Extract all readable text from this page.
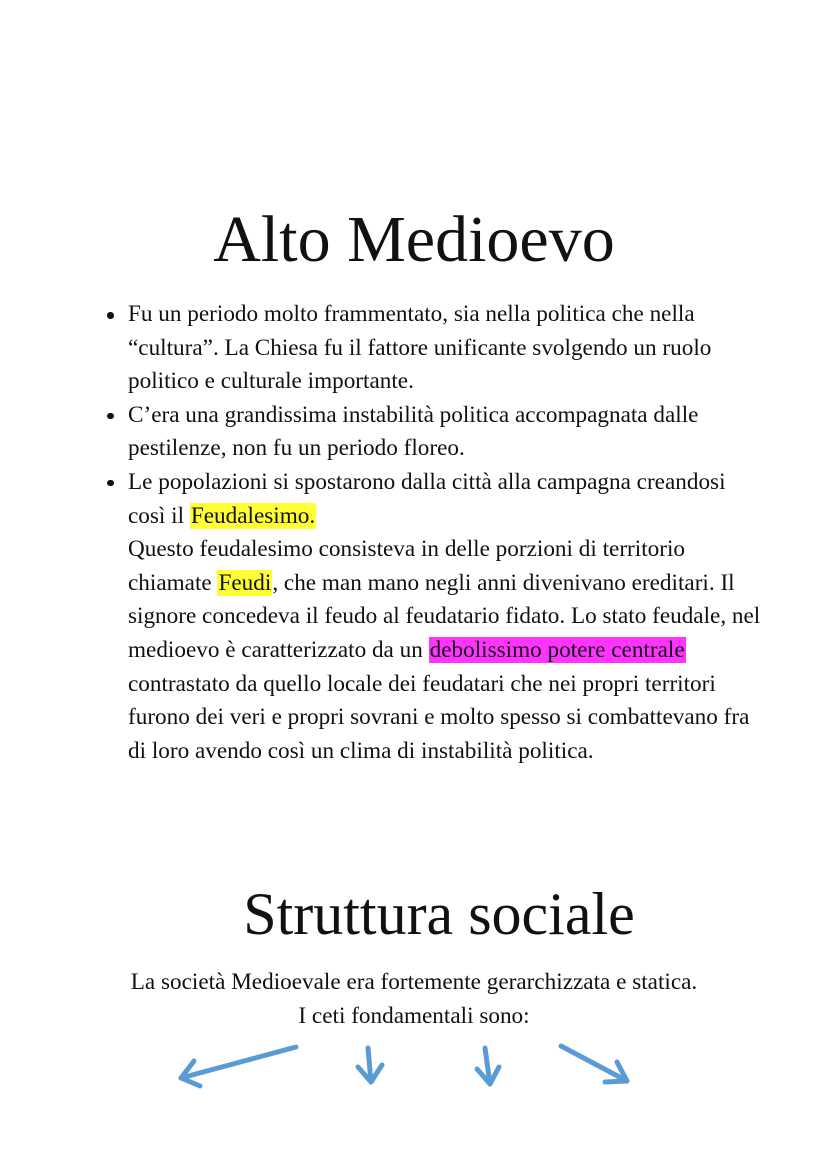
Alto Medioevo
Fu un periodo molto frammentato, sia nella politica che nella “cultura”. La Chiesa fu il fattore unificante svolgendo un ruolo politico e culturale importante.
C’era una grandissima instabilità politica accompagnata dalle pestilenze, non fu un periodo floreo.
Le popolazioni si spostarono dalla città alla campagna creandosi così il Feudalesimo.
Questo feudalesimo consisteva in delle porzioni di territorio chiamate Feudi, che man mano negli anni divenivano ereditari. Il signore concedeva il feudo al feudatario fidato. Lo stato feudale, nel medioevo è caratterizzato da un debolissimo potere centrale contrastato da quello locale dei feudatari che nei propri territori furono dei veri e propri sovrani e molto spesso si combattevano fra di loro avendo così un clima di instabilità politica.
Struttura sociale

La società Medioevale era fortemente gerarchizzata e statica.

I ceti fondamentali sono:
